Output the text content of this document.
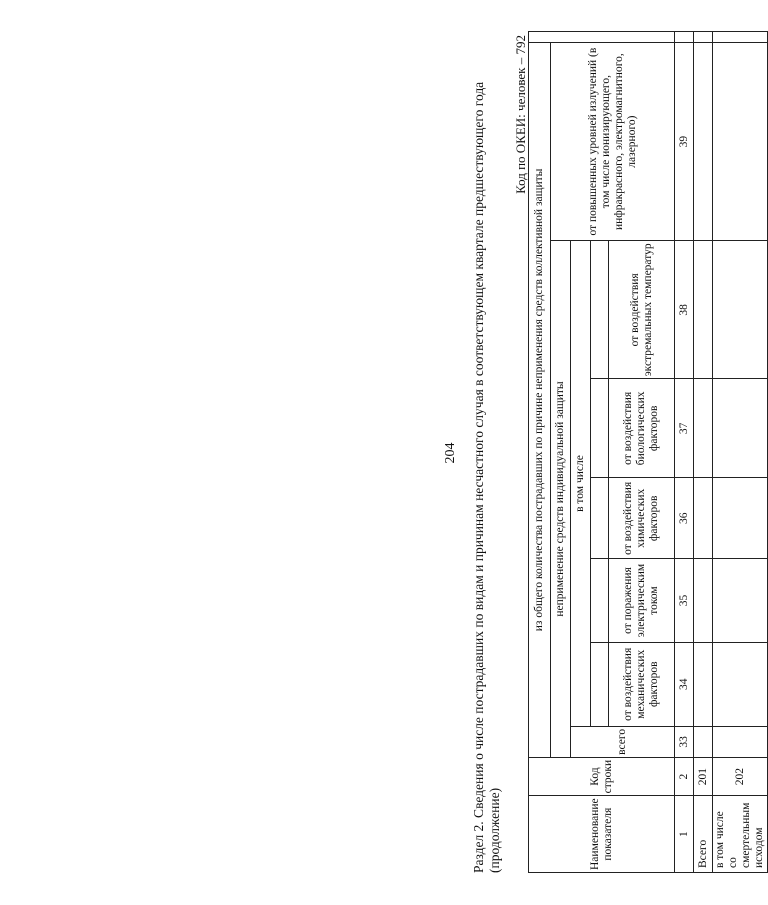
204 Раздел 2. Сведения о числе пострадавших по видам и причинам несчастного случая в соответствующем квартале предшествующего года (продолжение)
Код по ОКЕИ: человек – 792
Наименование показателя	Код строки	из общего количества пострадавших по причине неприменения средств коллективной защиты							
		неприменение средств индивидуальной защиты						от повышенных уровней излучений (в том числе ионизирующего, инфракрасного, электромагнитного, лазерного)	
		всего	в том числе						

			от воздействия механических факторов	от поражения электрическим током	от воздействия химических факторов	от воздействия биологических факторов	от воздействия экстремальных температур		
1	2	33	34	35	36	37	38	39	
Всего	201								
в том числе со смертельным исходом	202								
